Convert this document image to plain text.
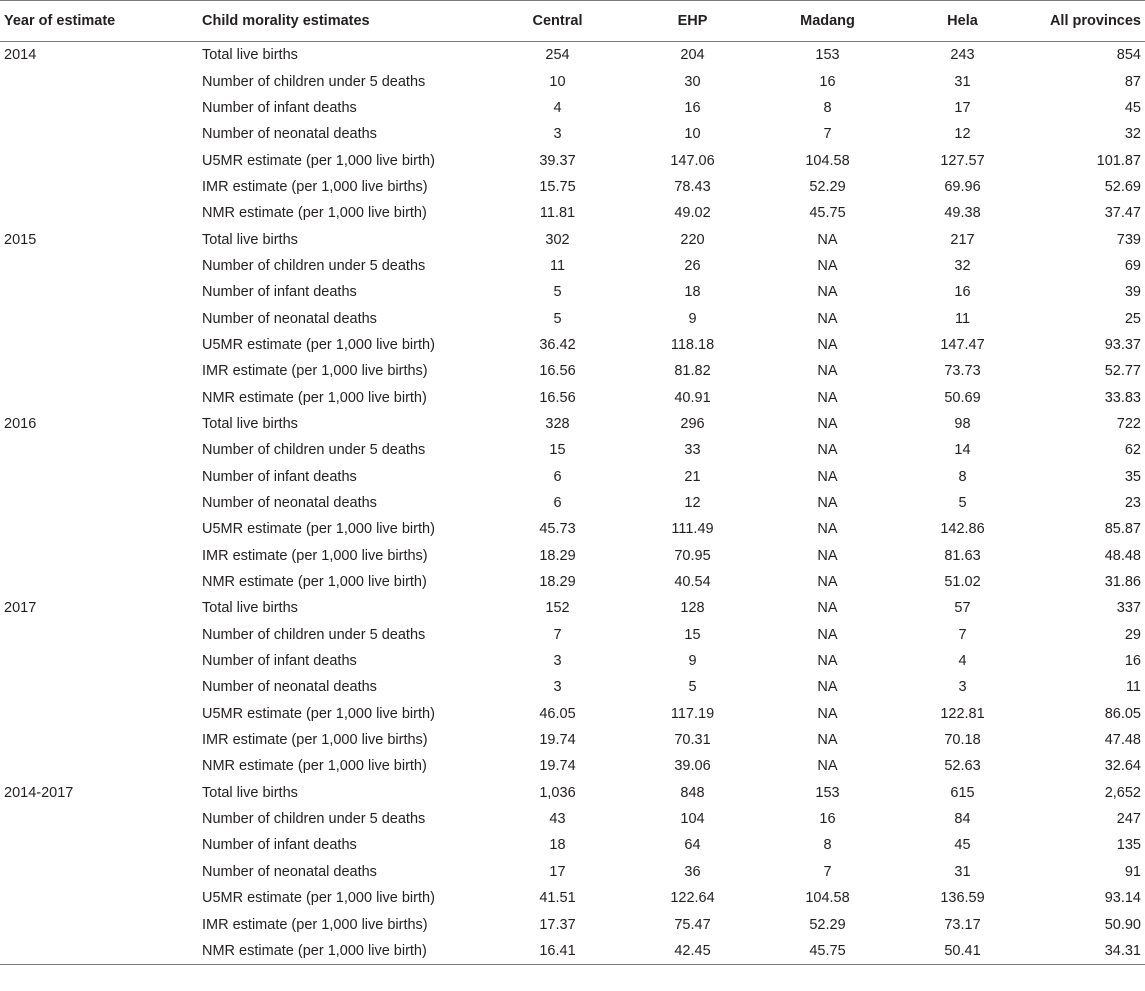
Year of estimate	Child morality estimates	Central	EHP	Madang	Hela	All provinces
2014	Total live births	254	204	153	243	854
	Number of children under 5 deaths	10	30	16	31	87
	Number of infant deaths	4	16	8	17	45
	Number of neonatal deaths	3	10	7	12	32
	U5MR estimate (per 1,000 live birth)	39.37	147.06	104.58	127.57	101.87
	IMR estimate (per 1,000 live births)	15.75	78.43	52.29	69.96	52.69
	NMR estimate (per 1,000 live birth)	11.81	49.02	45.75	49.38	37.47
2015	Total live births	302	220	NA	217	739
	Number of children under 5 deaths	11	26	NA	32	69
	Number of infant deaths	5	18	NA	16	39
	Number of neonatal deaths	5	9	NA	11	25
	U5MR estimate (per 1,000 live birth)	36.42	118.18	NA	147.47	93.37
	IMR estimate (per 1,000 live births)	16.56	81.82	NA	73.73	52.77
	NMR estimate (per 1,000 live birth)	16.56	40.91	NA	50.69	33.83
2016	Total live births	328	296	NA	98	722
	Number of children under 5 deaths	15	33	NA	14	62
	Number of infant deaths	6	21	NA	8	35
	Number of neonatal deaths	6	12	NA	5	23
	U5MR estimate (per 1,000 live birth)	45.73	111.49	NA	142.86	85.87
	IMR estimate (per 1,000 live births)	18.29	70.95	NA	81.63	48.48
	NMR estimate (per 1,000 live birth)	18.29	40.54	NA	51.02	31.86
2017	Total live births	152	128	NA	57	337
	Number of children under 5 deaths	7	15	NA	7	29
	Number of infant deaths	3	9	NA	4	16
	Number of neonatal deaths	3	5	NA	3	11
	U5MR estimate (per 1,000 live birth)	46.05	117.19	NA	122.81	86.05
	IMR estimate (per 1,000 live births)	19.74	70.31	NA	70.18	47.48
	NMR estimate (per 1,000 live birth)	19.74	39.06	NA	52.63	32.64
2014-2017	Total live births	1,036	848	153	615	2,652
	Number of children under 5 deaths	43	104	16	84	247
	Number of infant deaths	18	64	8	45	135
	Number of neonatal deaths	17	36	7	31	91
	U5MR estimate (per 1,000 live birth)	41.51	122.64	104.58	136.59	93.14
	IMR estimate (per 1,000 live births)	17.37	75.47	52.29	73.17	50.90
	NMR estimate (per 1,000 live birth)	16.41	42.45	45.75	50.41	34.31
